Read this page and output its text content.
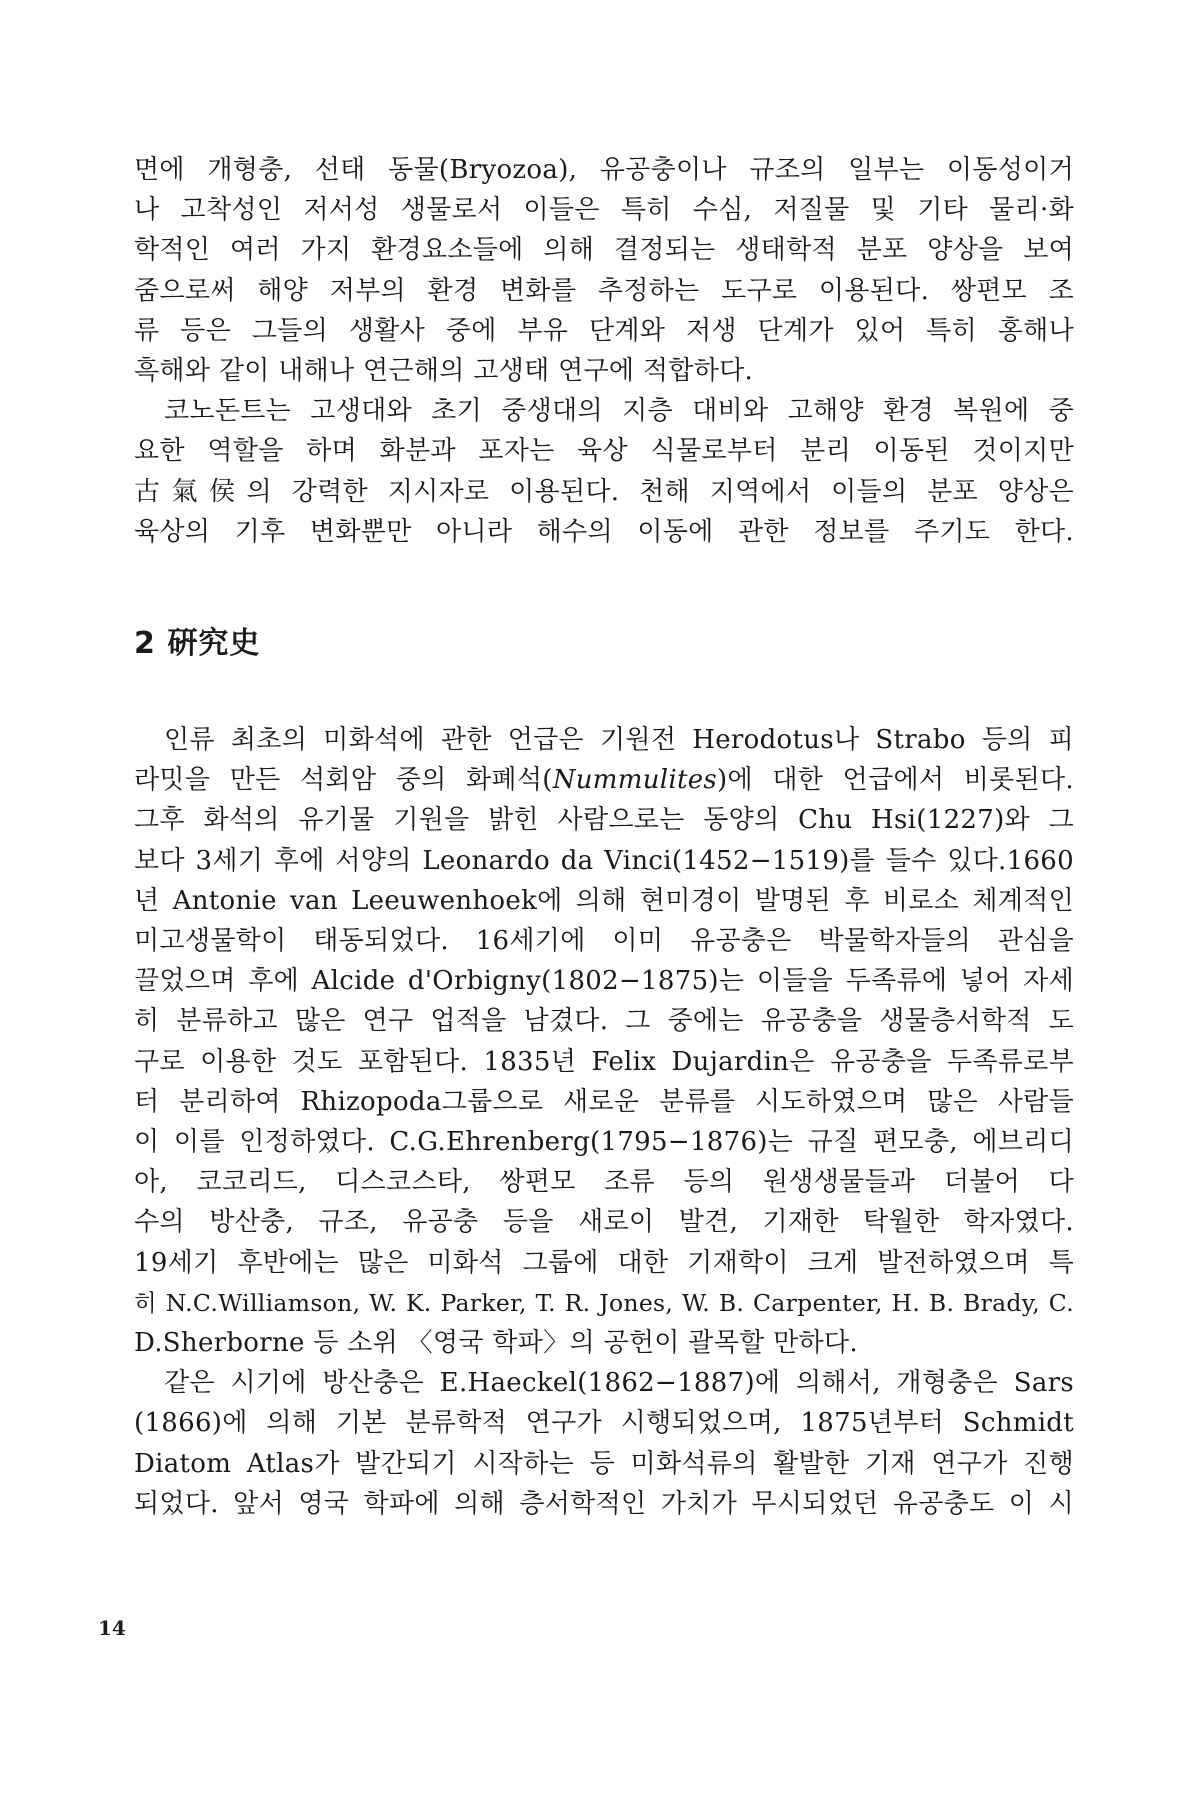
면에 개형충, 선태 동물(Bryozoa), 유공충이나 규조의 일부는 이동성이거
나 고착성인 저서성 생물로서 이들은 특히 수심, 저질물 및 기타 물리·화
학적인 여러 가지 환경요소들에 의해 결정되는 생태학적 분포 양상을 보여
줌으로써 해양 저부의 환경 변화를 추정하는 도구로 이용된다. 쌍편모 조
류 등은 그들의 생활사 중에 부유 단계와 저생 단계가 있어 특히 홍해나
흑해와 같이 내해나 연근해의 고생태 연구에 적합하다.

코노돈트는 고생대와 초기 중생대의 지층 대비와 고해양 환경 복원에 중
요한 역할을 하며 화분과 포자는 육상 식물로부터 분리 이동된 것이지만
古氣侯의 강력한 지시자로 이용된다. 천해 지역에서 이들의 분포 양상은
육상의 기후 변화뿐만 아니라 해수의 이동에 관한 정보를 주기도 한다.

2 硏究史

인류 최초의 미화석에 관한 언급은 기원전 Herodotus나 Strabo 등의 피
라밋을 만든 석회암 중의 화폐석(Nummulites)에 대한 언급에서 비롯된다.
그후 화석의 유기물 기원을 밝힌 사람으로는 동양의 Chu Hsi(1227)와 그
보다 3세기 후에 서양의 Leonardo da Vinci(1452−1519)를 들수 있다.1660
년 Antonie van Leeuwenhoek에 의해 현미경이 발명된 후 비로소 체계적인
미고생물학이 태동되었다. 16세기에 이미 유공충은 박물학자들의 관심을
끌었으며 후에 Alcide d'Orbigny(1802−1875)는 이들을 두족류에 넣어 자세
히 분류하고 많은 연구 업적을 남겼다. 그 중에는 유공충을 생물층서학적 도
구로 이용한 것도 포함된다. 1835년 Felix Dujardin은 유공충을 두족류로부
터 분리하여 Rhizopoda그룹으로 새로운 분류를 시도하였으며 많은 사람들
이 이를 인정하였다. C.G.Ehrenberg(1795−1876)는 규질 편모충, 에브리디
아, 코코리드, 디스코스타, 쌍편모 조류 등의 원생생물들과 더불어 다
수의 방산충, 규조, 유공충 등을 새로이 발견, 기재한 탁월한 학자였다.
19세기 후반에는 많은 미화석 그룹에 대한 기재학이 크게 발전하였으며 특
히 N.C.Williamson, W. K. Parker, T. R. Jones, W. B. Carpenter, H. B. Brady, C.
D.Sherborne 등 소위 〈영국 학파〉의 공헌이 괄목할 만하다.

같은 시기에 방산충은 E.Haeckel(1862−1887)에 의해서, 개형충은 Sars
(1866)에 의해 기본 분류학적 연구가 시행되었으며, 1875년부터 Schmidt
Diatom Atlas가 발간되기 시작하는 등 미화석류의 활발한 기재 연구가 진행
되었다. 앞서 영국 학파에 의해 층서학적인 가치가 무시되었던 유공충도 이 시

14
